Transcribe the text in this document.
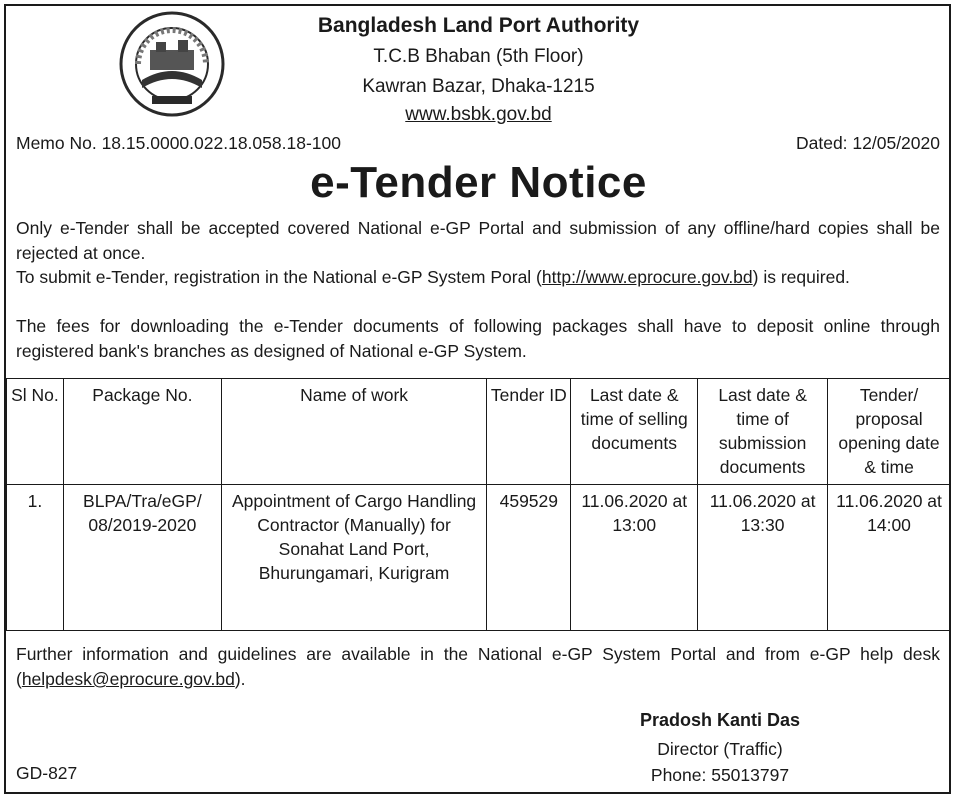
Bangladesh Land Port Authority
T.C.B Bhaban (5th Floor)
Kawran Bazar, Dhaka-1215
www.bsbk.gov.bd
Memo No. 18.15.0000.022.18.058.18-100	Dated: 12/05/2020
e-Tender Notice
Only e-Tender shall be accepted covered National e-GP Portal and submission of any offline/hard copies shall be rejected at once.
To submit e-Tender, registration in the National e-GP System Poral (http://www.eprocure.gov.bd) is required.
The fees for downloading the e-Tender documents of following packages shall have to deposit online through registered bank's branches as designed of National e-GP System.
Sl No.	Package No.	Name of work	Tender ID	Last date & time of selling documents	Last date & time of submission documents	Tender/ proposal opening date & time
1.	BLPA/Tra/eGP/ 08/2019-2020	Appointment of Cargo Handling Contractor (Manually) for Sonahat Land Port, Bhurungamari, Kurigram	459529	11.06.2020 at 13:00	11.06.2020 at 13:30	11.06.2020 at 14:00
Further information and guidelines are available in the National e-GP System Portal and from e-GP help desk (helpdesk@eprocure.gov.bd).
Pradosh Kanti Das
Director (Traffic)
Phone: 55013797
GD-827
